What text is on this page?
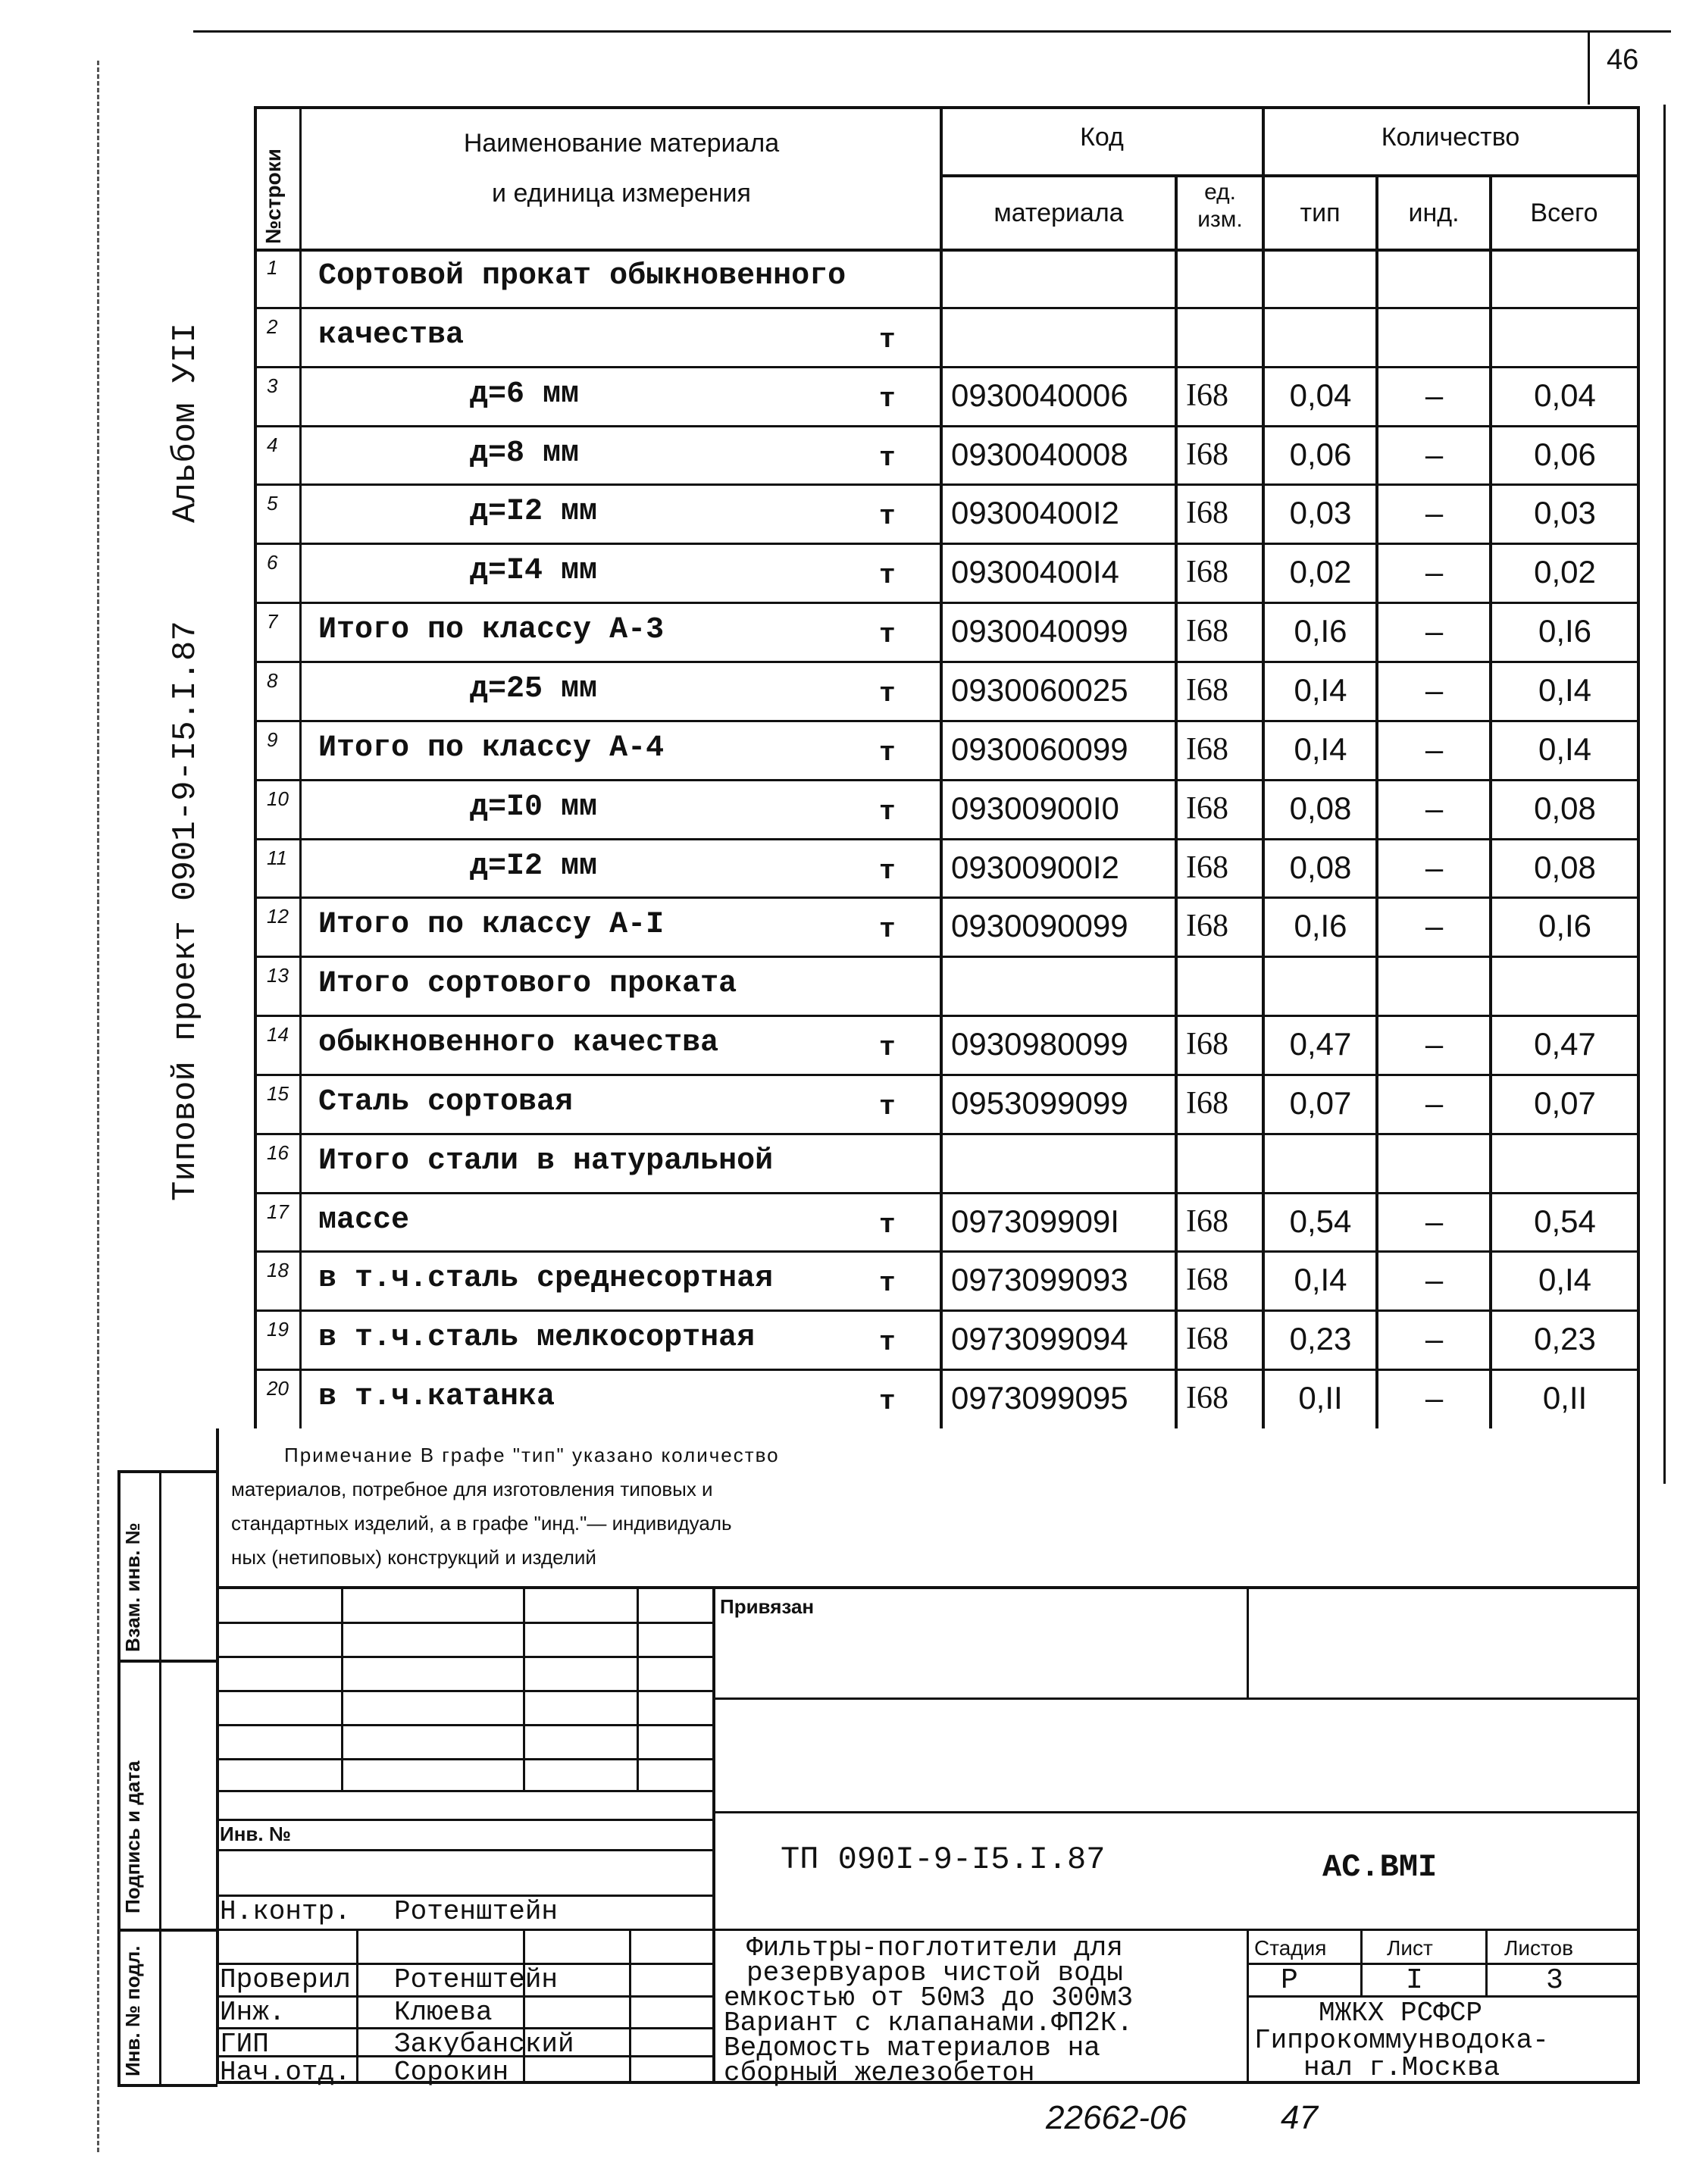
46
Альбом УII
Типовой проект 0901-9-I5.I.87
№строки
Наименование материала
и единица измерения
Код
материала
ед. изм.
Количество
тип	инд.	Всего
1 Сортовой прокат обыкновенного
2 качества	т
3	д=6 мм	т 0930040006 I68	0,04	–	0,04
4	д=8 мм	т 0930040008 I68	0,06	–	0,06
5	д=I2 мм	т 09300400I2 I68	0,03	–	0,03
6	д=I4 мм	т 09300400I4 I68	0,02	–	0,02
7 Итого по классу А-3	т 0930040099 I68	0,I6	–	0,I6
8	д=25 мм	т 0930060025 I68	0,I4	–	0,I4
9 Итого по классу А-4	т 0930060099 I68	0,I4	–	0,I4
10	д=I0 мм	т 09300900I0 I68	0,08	–	0,08
11	д=I2 мм	т 09300900I2 I68	0,08	–	0,08
12 Итого по классу А-I	т 0930090099 I68	0,I6	–	0,I6
13 Итого сортового проката
14 обыкновенного качества	т 0930980099 I68	0,47	–	0,47
15 Сталь сортовая	т 0953099099 I68	0,07	–	0,07
16 Итого стали в натуральной
17 массе	т 097309909I I68	0,54	–	0,54
18 в т.ч.сталь среднесортная	т 0973099093 I68	0,I4	–	0,I4
19 в т.ч.сталь мелкосортная	т 0973099094 I68	0,23	–	0,23
20 в т.ч.катанка	т 0973099095 I68	0,II	–	0,II
Примечание В графе "тип" указано количество
материалов, потребное для изготовления типовых и
стандартных изделий, а в графе "инд."— индивидуаль
ных (нетиповых) конструкций и изделий
Взам. инв. №
Подпись и дата
Инв. № подл.
Инв. №
Привязан
ТП 090I-9-I5.I.87	АС.ВМI
Н.контр. Ротенштейн
Проверил Ротенштейн
Инж.	Клюева
ГИП	Закубанский
Нач.отд. Сорокин
Фильтры-поглотители для
резервуаров чистой воды
емкостью от 50м3 до 300м3
Вариант с клапанами.ФП2К.
Ведомость материалов на
сборный железобетон
Стадия	Лист	Листов
Р	I	3
МЖКХ РСФСР
Гипрокоммунводока-
нал г.Москва
22662-06	47
